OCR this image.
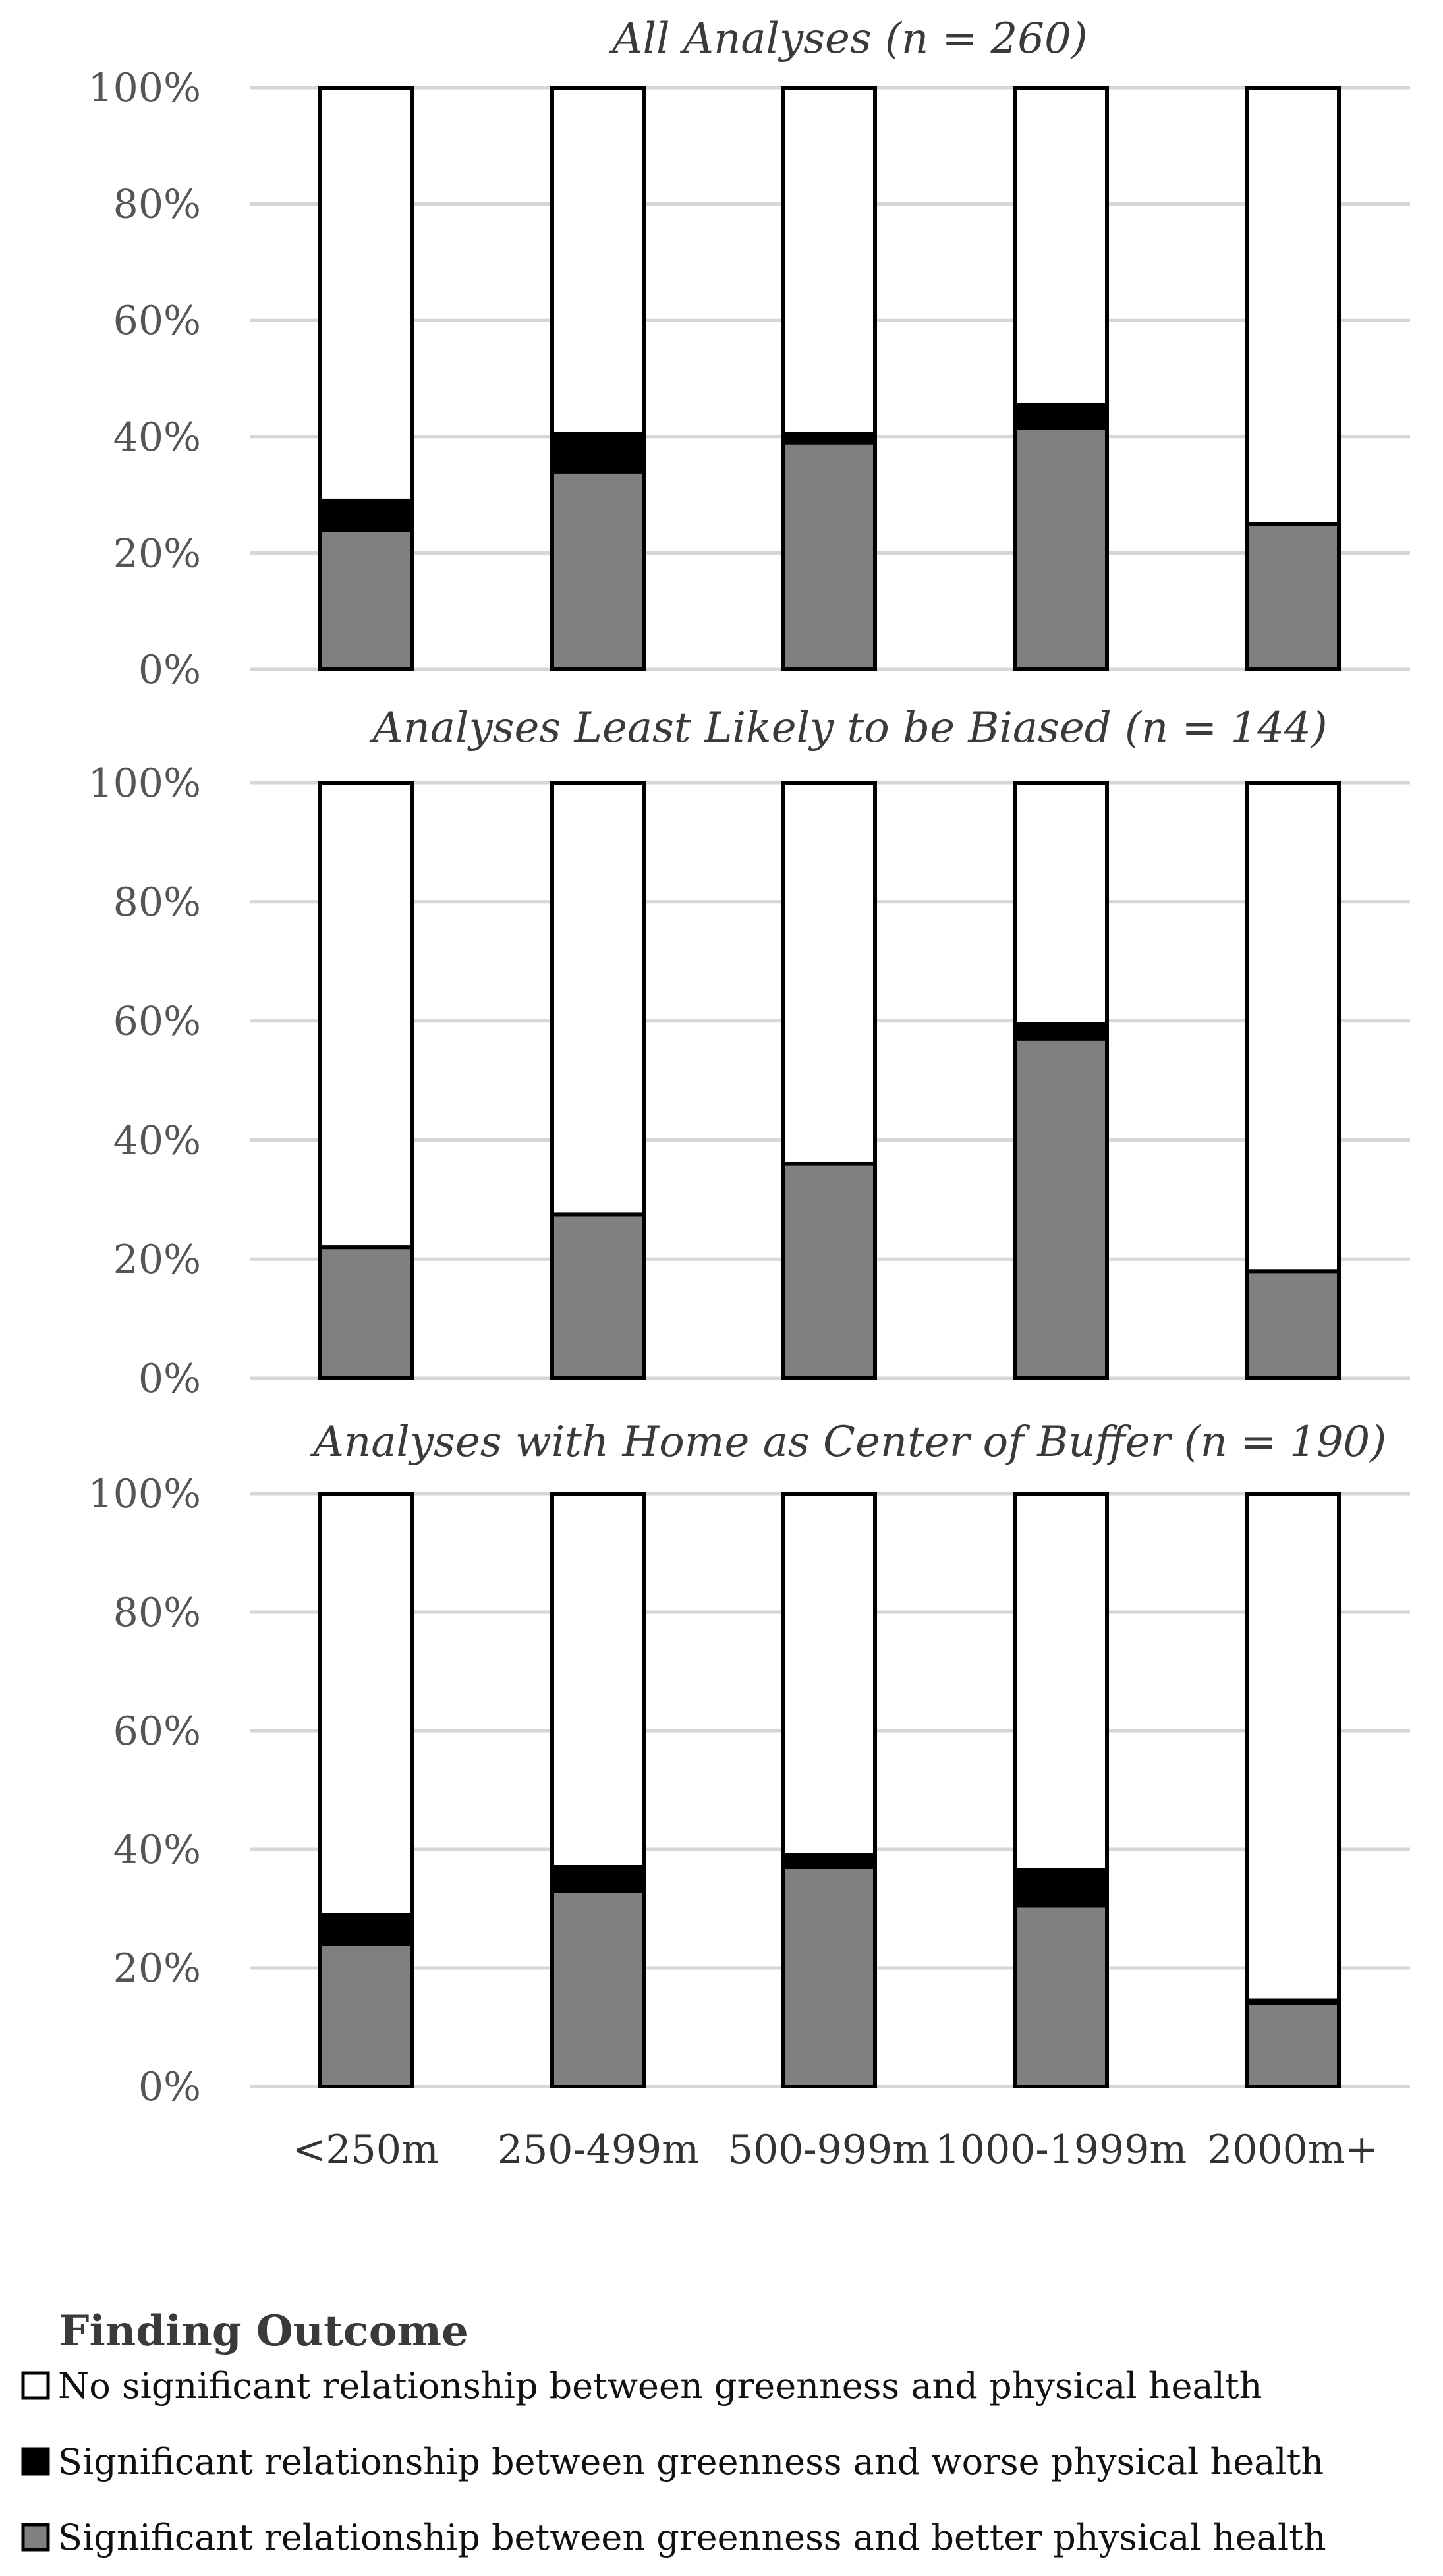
All Analyses (n = 260)
0%
20%
40%
60%
80%
100%
Analyses Least Likely to be Biased (n = 144)
0%
20%
40%
60%
80%
100%
Analyses with Home as Center of Buffer (n = 190)
0%
20%
40%
60%
80%
100%
<250m 250-499m 500-999m 1000-1999m 2000m+
Finding Outcome
No significant relationship between greenness and physical health
Significant relationship between greenness and worse physical health
Significant relationship between greenness and better physical health
